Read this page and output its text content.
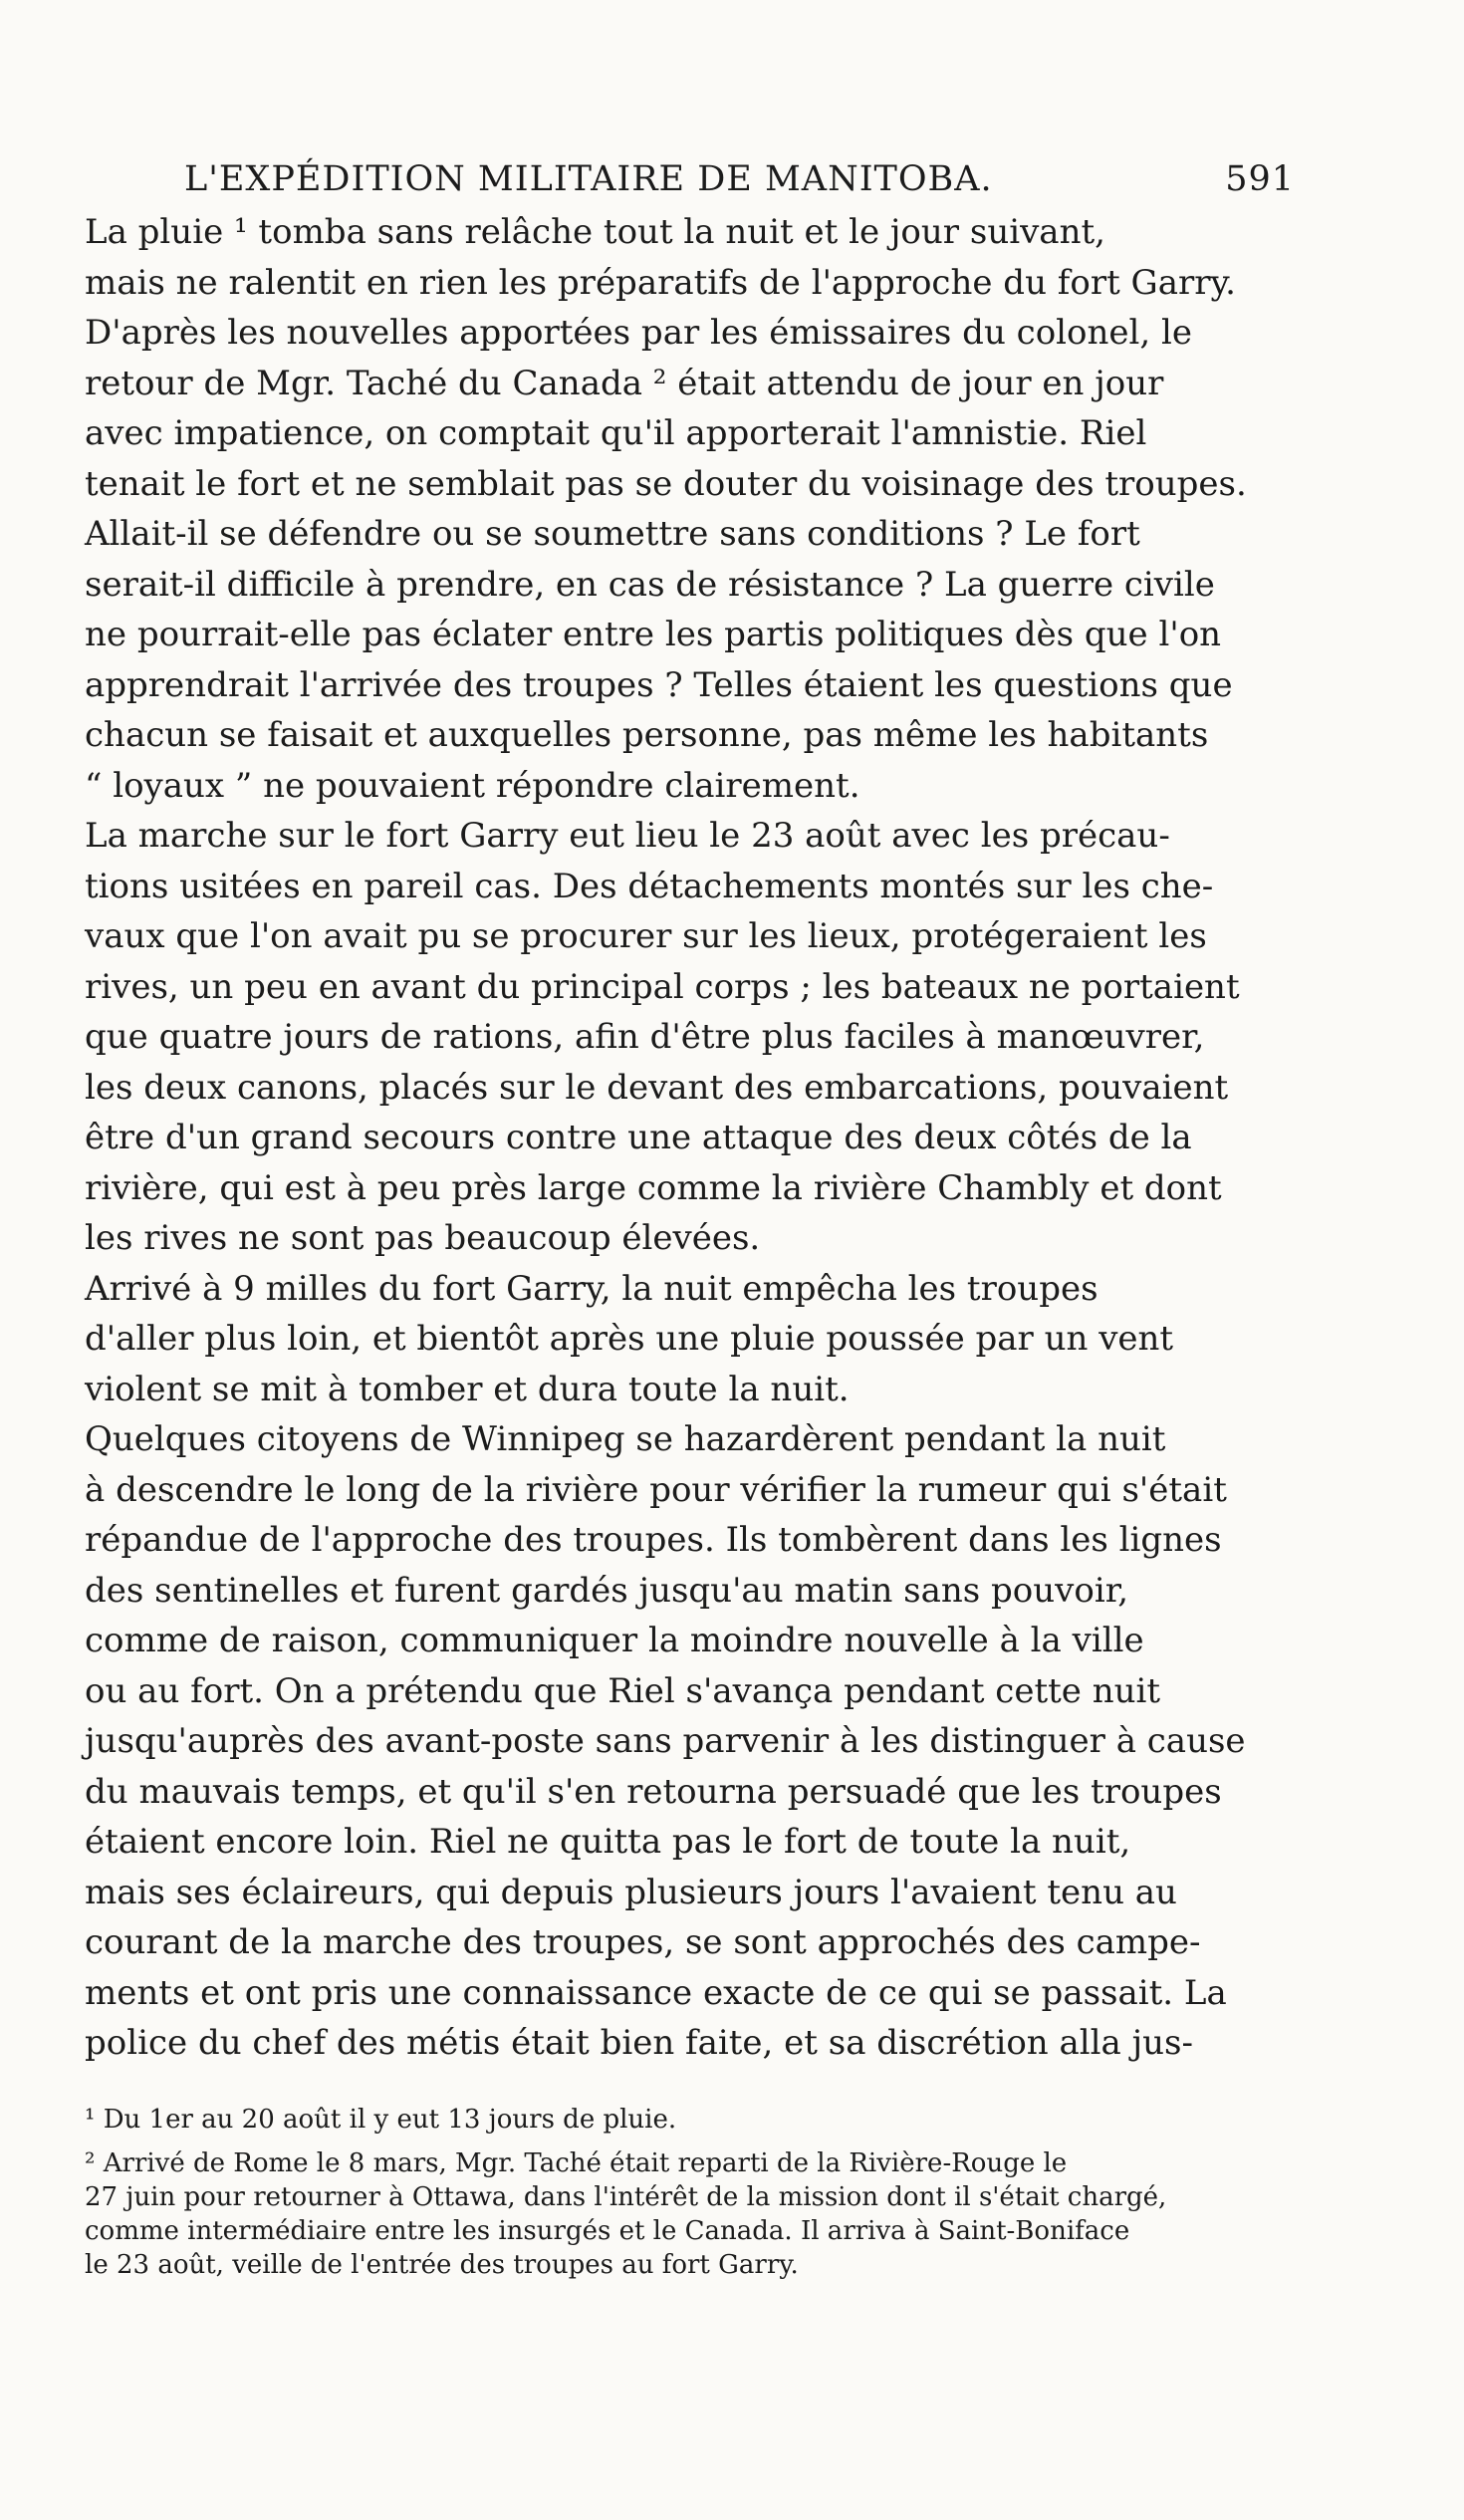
L'EXPÉDITION MILITAIRE DE MANITOBA.	591

La pluie ¹ tomba sans relâche tout la nuit et le jour suivant,
mais ne ralentit en rien les préparatifs de l'approche du fort Garry.
D'après les nouvelles apportées par les émissaires du colonel, le
retour de Mgr. Taché du Canada ² était attendu de jour en jour
avec impatience, on comptait qu'il apporterait l'amnistie. Riel
tenait le fort et ne semblait pas se douter du voisinage des troupes.
Allait-il se défendre ou se soumettre sans conditions ? Le fort
serait-il difficile à prendre, en cas de résistance ? La guerre civile
ne pourrait-elle pas éclater entre les partis politiques dès que l'on
apprendrait l'arrivée des troupes ? Telles étaient les questions que
chacun se faisait et auxquelles personne, pas même les habitants
“ loyaux ” ne pouvaient répondre clairement.

La marche sur le fort Garry eut lieu le 23 août avec les précau-
tions usitées en pareil cas. Des détachements montés sur les che-
vaux que l'on avait pu se procurer sur les lieux, protégeraient les
rives, un peu en avant du principal corps ; les bateaux ne portaient
que quatre jours de rations, afin d'être plus faciles à manœuvrer,
les deux canons, placés sur le devant des embarcations, pouvaient
être d'un grand secours contre une attaque des deux côtés de la
rivière, qui est à peu près large comme la rivière Chambly et dont
les rives ne sont pas beaucoup élevées.

Arrivé à 9 milles du fort Garry, la nuit empêcha les troupes
d'aller plus loin, et bientôt après une pluie poussée par un vent
violent se mit à tomber et dura toute la nuit.

Quelques citoyens de Winnipeg se hazardèrent pendant la nuit
à descendre le long de la rivière pour vérifier la rumeur qui s'était
répandue de l'approche des troupes. Ils tombèrent dans les lignes
des sentinelles et furent gardés jusqu'au matin sans pouvoir,
comme de raison, communiquer la moindre nouvelle à la ville
ou au fort. On a prétendu que Riel s'avança pendant cette nuit
jusqu'auprès des avant-poste sans parvenir à les distinguer à cause
du mauvais temps, et qu'il s'en retourna persuadé que les troupes
étaient encore loin. Riel ne quitta pas le fort de toute la nuit,
mais ses éclaireurs, qui depuis plusieurs jours l'avaient tenu au
courant de la marche des troupes, se sont approchés des campe-
ments et ont pris une connaissance exacte de ce qui se passait. La
police du chef des métis était bien faite, et sa discrétion alla jus-

¹ Du 1er au 20 août il y eut 13 jours de pluie.

² Arrivé de Rome le 8 mars, Mgr. Taché était reparti de la Rivière-Rouge le
27 juin pour retourner à Ottawa, dans l'intérêt de la mission dont il s'était chargé,
comme intermédiaire entre les insurgés et le Canada. Il arriva à Saint-Boniface
le 23 août, veille de l'entrée des troupes au fort Garry.
